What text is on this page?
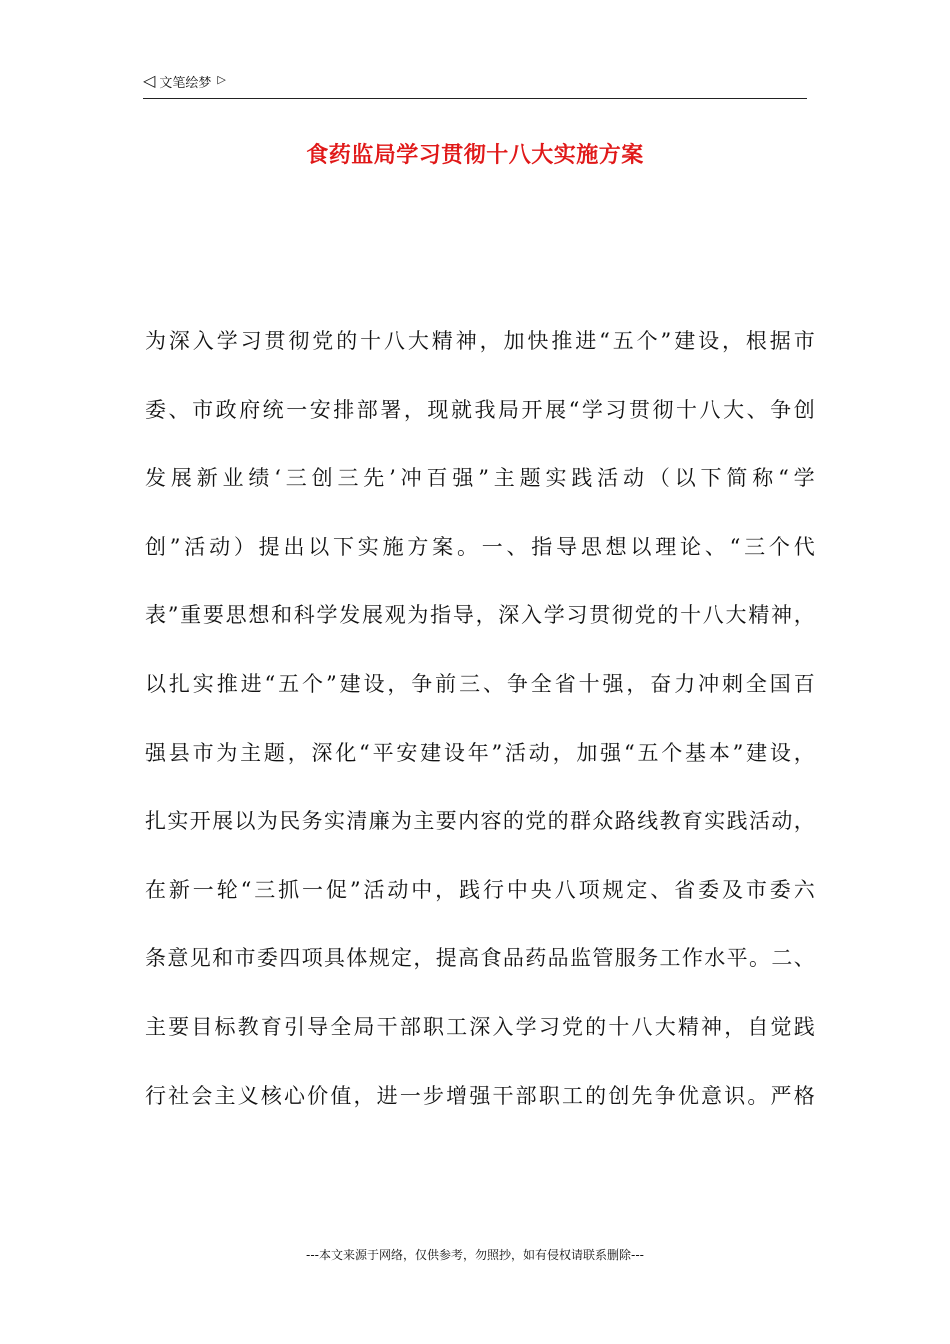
◁ 文笔绘梦 ▷
食药监局学习贯彻十八大实施方案
为深入学习贯彻党的十八大精神，加快推进“五个”建设，根据市
委、市政府统一安排部署，现就我局开展“学习贯彻十八大、争创
发展新业绩‘三创三先’冲百强”主题实践活动（以下简称“学
创”活动）提出以下实施方案。一、指导思想以理论、“三个代
表”重要思想和科学发展观为指导，深入学习贯彻党的十八大精神，
以扎实推进“五个”建设，争前三、争全省十强，奋力冲刺全国百
强县市为主题，深化“平安建设年”活动，加强“五个基本”建设，
扎实开展以为民务实清廉为主要内容的党的群众路线教育实践活动，
在新一轮“三抓一促”活动中，践行中央八项规定、省委及市委六
条意见和市委四项具体规定，提高食品药品监管服务工作水平。二、
主要目标教育引导全局干部职工深入学习党的十八大精神，自觉践
行社会主义核心价值，进一步增强干部职工的创先争优意识。严格
---本文来源于网络，仅供参考，勿照抄，如有侵权请联系删除---
